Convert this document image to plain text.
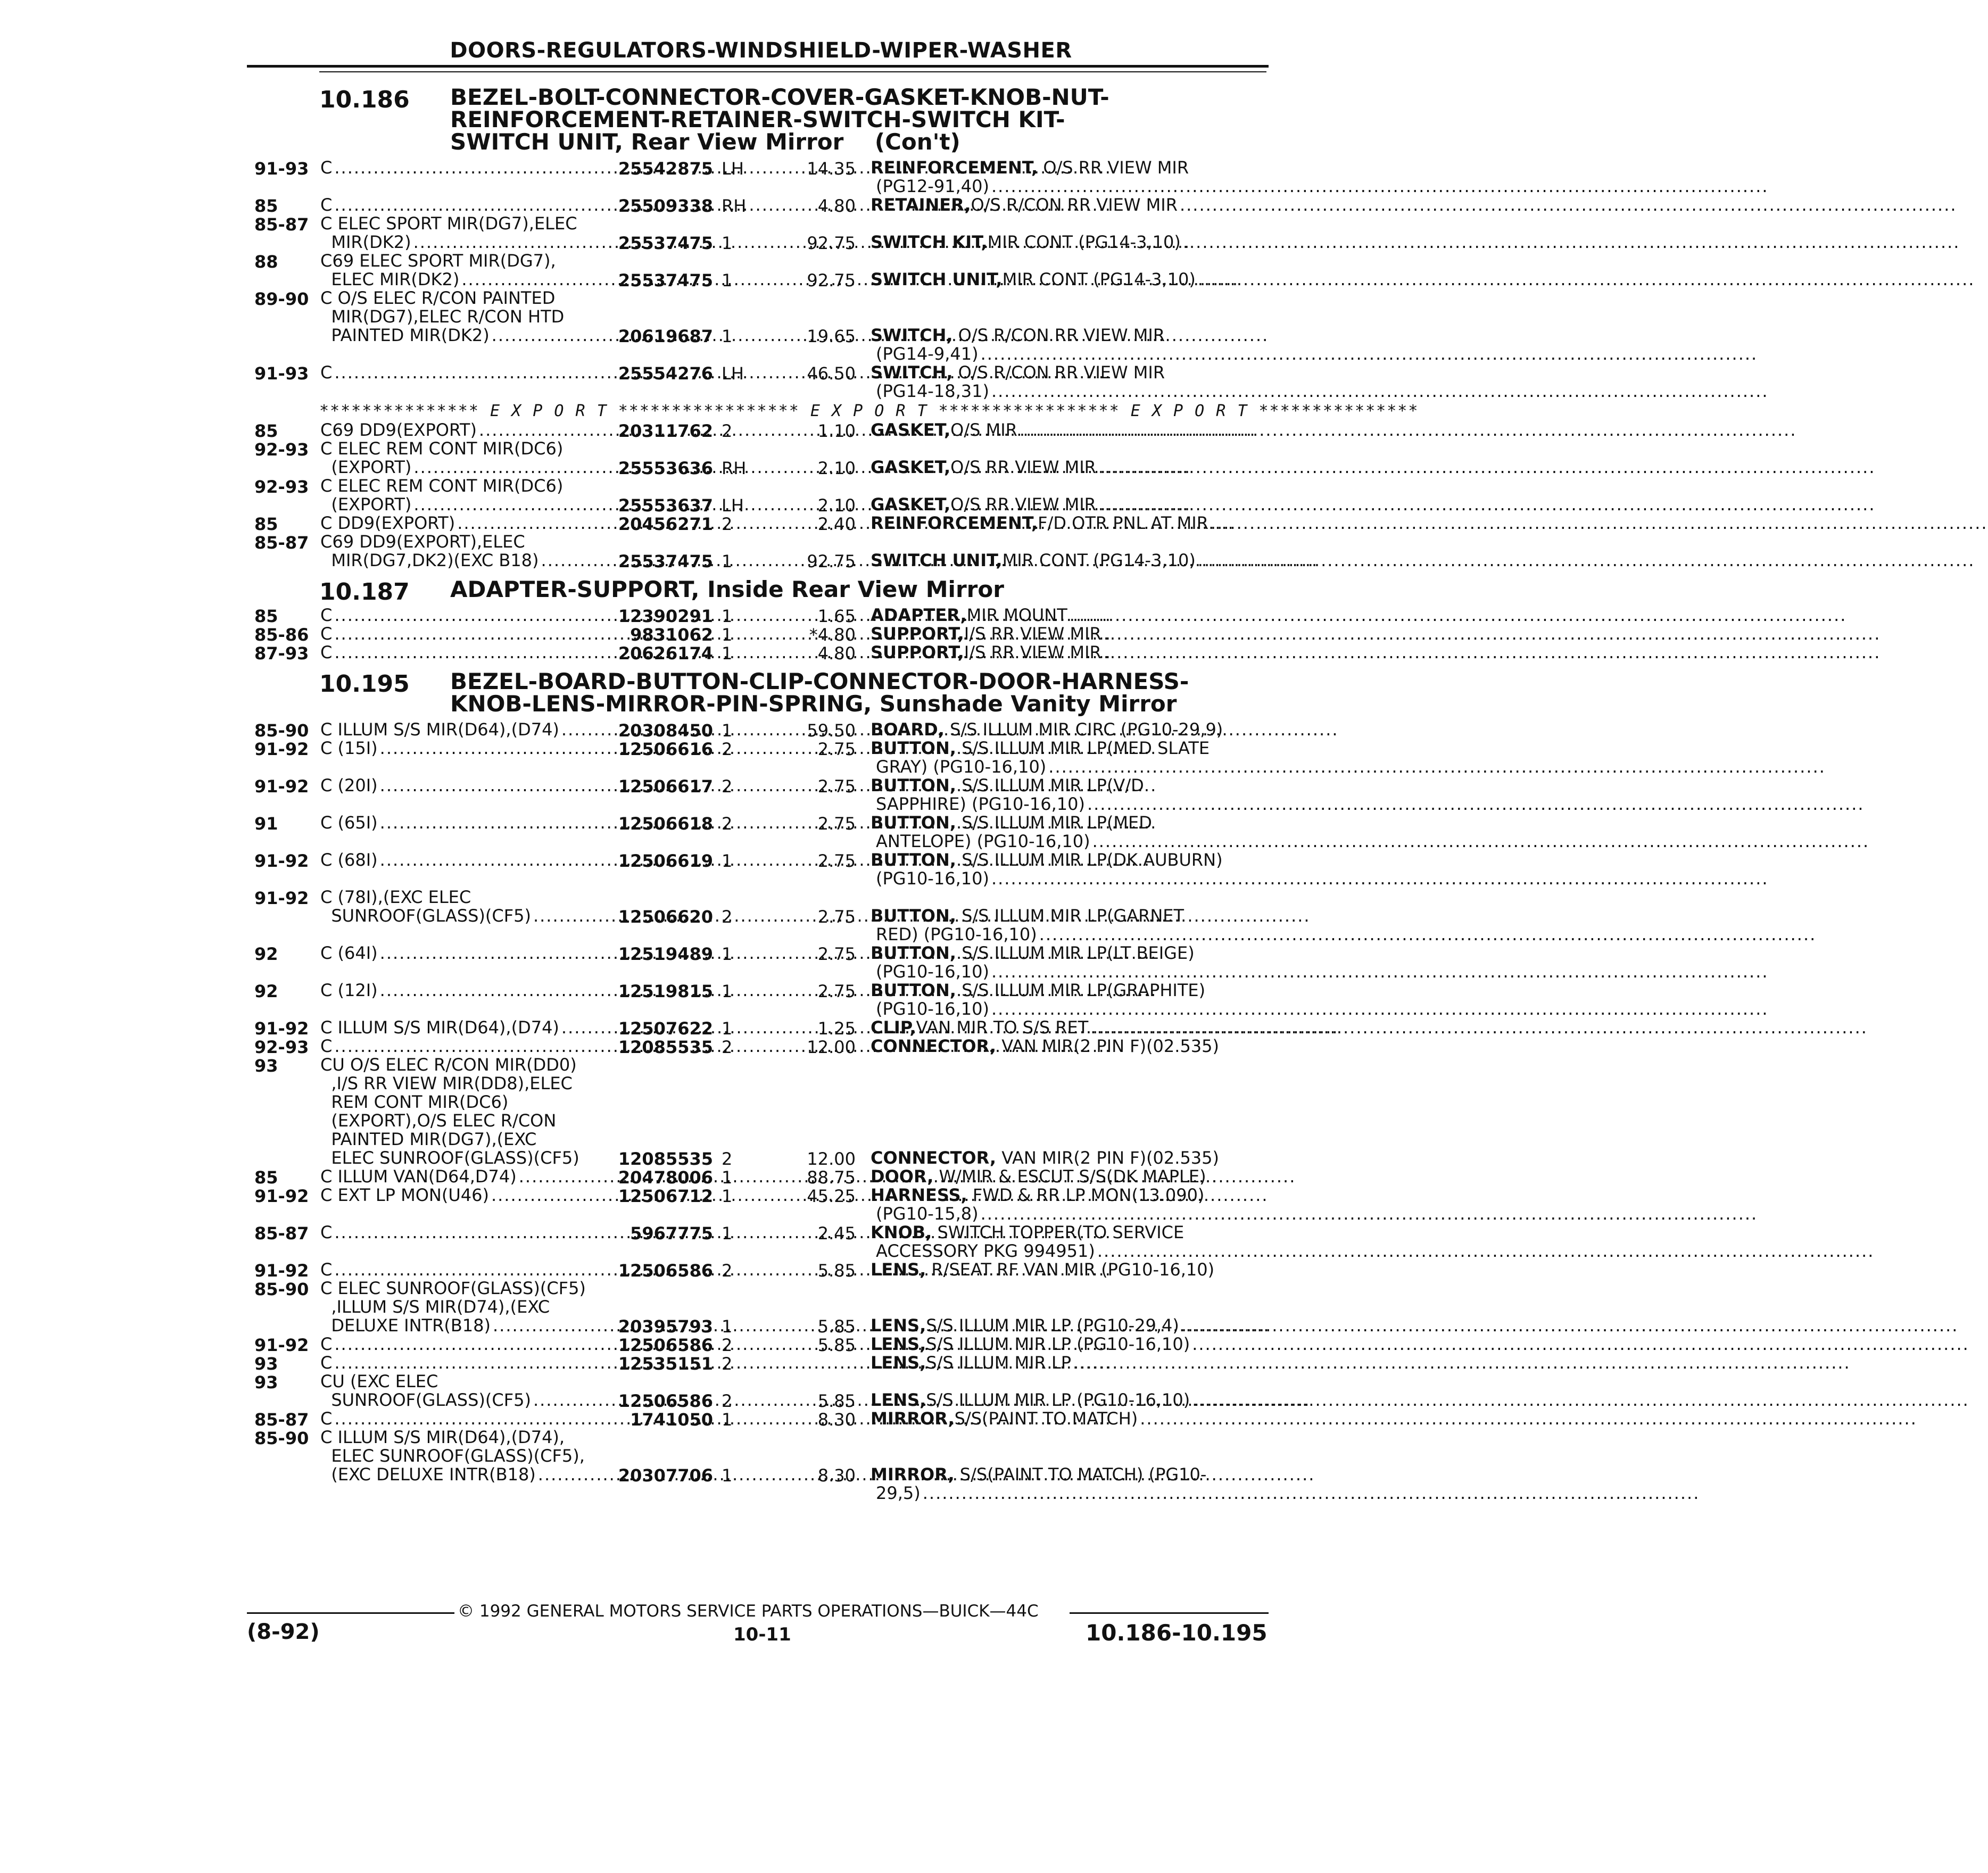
DOORS-REGULATORS-WINDSHIELD-WIPER-WASHER
10.186 BEZEL-BOLT-CONNECTOR-COVER-GASKET-KNOB-NUT-
REINFORCEMENT-RETAINER-SWITCH-SWITCH KIT-
SWITCH UNIT, Rear View Mirror    (Con't)
91-93 C .....	25542875 LH	14.35 REINFORCEMENT, O/S RR VIEW MIR
(PG12-91,40)
.....
85 C .....	25509338 RH	4.80 RETAINER, O/S R/CON RR VIEW MIR
.....
85-87 C ELEC SPORT MIR(DG7),ELEC
MIR(DK2) .....	25537475 1	92.75 SWITCH KIT, MIR CONT (PG14-3,10)
.....
88 C69 ELEC SPORT MIR(DG7),
ELEC MIR(DK2) .....	25537475 1	92.75 SWITCH UNIT, MIR CONT (PG14-3,10)
.....
89-90 C O/S ELEC R/CON PAINTED
MIR(DG7),ELEC R/CON HTD
PAINTED MIR(DK2) .....	20619687 1	19.65 SWITCH, O/S R/CON RR VIEW MIR
(PG14-9,41)
.....
91-93 C .....	25554276 LH	46.50 SWITCH, O/S R/CON RR VIEW MIR
(PG14-18,31)
.....
*************** E X P O R T ***************** E X P O R T ***************** E X P O R T ***************
85 C69 DD9(EXPORT) .....	20311762 2	1.10 GASKET, O/S MIR
.....
92-93 C ELEC REM CONT MIR(DC6)
(EXPORT) .....	25553636 RH	2.10 GASKET, O/S RR VIEW MIR
.....
92-93 C ELEC REM CONT MIR(DC6)
(EXPORT) .....	25553637 LH	2.10 GASKET, O/S RR VIEW MIR
.....
85 C DD9(EXPORT) .....	20456271 2	2.40 REINFORCEMENT, F/D OTR PNL AT MIR
.....
85-87 C69 DD9(EXPORT),ELEC
MIR(DG7,DK2)(EXC B18) .....	25537475 1	92.75 SWITCH UNIT, MIR CONT (PG14-3,10)
.....
10.187 ADAPTER-SUPPORT, Inside Rear View Mirror
85 C .....	12390291 1	1.65 ADAPTER, MIR MOUNT
.....
85-86 C .....	9831062 1	*4.80 SUPPORT, I/S RR VIEW MIR
.....
87-93 C .....	20626174 1	4.80 SUPPORT, I/S RR VIEW MIR
.....
10.195 BEZEL-BOARD-BUTTON-CLIP-CONNECTOR-DOOR-HARNESS-
KNOB-LENS-MIRROR-PIN-SPRING, Sunshade Vanity Mirror
85-90 C ILLUM S/S MIR(D64),(D74) .....	20308450 1	59.50 BOARD, S/S ILLUM MIR CIRC (PG10-29,9)
91-92 C (15I) .....	12506616 2	2.75 BUTTON, S/S ILLUM MIR LP(MED SLATE
GRAY) (PG10-16,10)
.....
91-92 C (20I) .....	12506617 2	2.75 BUTTON, S/S ILLUM MIR LP(V/D
SAPPHIRE) (PG10-16,10)
.....
91 C (65I) .....	12506618 2	2.75 BUTTON, S/S ILLUM MIR LP(MED
ANTELOPE) (PG10-16,10)
.....
91-92 C (68I) .....	12506619 1	2.75 BUTTON, S/S ILLUM MIR LP(DK AUBURN)
(PG10-16,10)
.....
91-92 C (78I),(EXC ELEC
SUNROOF(GLASS)(CF5) .....	12506620 2	2.75 BUTTON, S/S ILLUM MIR LP(GARNET
RED) (PG10-16,10)
.....
92 C (64I) .....	12519489 1	2.75 BUTTON, S/S ILLUM MIR LP(LT BEIGE)
(PG10-16,10)
.....
92 C (12I) .....	12519815 1	2.75 BUTTON, S/S ILLUM MIR LP(GRAPHITE)
(PG10-16,10)
.....
91-92 C ILLUM S/S MIR(D64),(D74) .....	12507622 1	1.25 CLIP, VAN MIR TO S/S RET
.....
92-93 C .....	12085535 2	12.00 CONNECTOR, VAN MIR(2 PIN F)(02.535)
93 CU O/S ELEC R/CON MIR(DD0)
,I/S RR VIEW MIR(DD8),ELEC
REM CONT MIR(DC6)
(EXPORT),O/S ELEC R/CON
PAINTED MIR(DG7),(EXC
ELEC SUNROOF(GLASS)(CF5)	12085535 2	12.00 CONNECTOR, VAN MIR(2 PIN F)(02.535)
85 C ILLUM VAN(D64,D74) .....	20478006 1	88.75 DOOR, W/MIR & ESCUT S/S(DK MAPLE) .
91-92 C EXT LP MON(U46) .....	12506712 1	45.25 HARNESS, FWD & RR LP MON(13.090)
(PG10-15,8)
.....
85-87 C .....	5967775 1	2.45 KNOB, SWITCH TOPPER(TO SERVICE
ACCESSORY PKG 994951)
.....
91-92 C .....	12506586 2	5.85 LENS, R/SEAT RF VAN MIR (PG10-16,10)
85-90 C ELEC SUNROOF(GLASS)(CF5)
,ILLUM S/S MIR(D74),(EXC
DELUXE INTR(B18) .....	20395793 1	5.85 LENS, S/S ILLUM MIR LP (PG10-29,4)
.....
91-92 C .....	12506586 2	5.85 LENS, S/S ILLUM MIR LP (PG10-16,10)
.....
93 C .....	12535151 2	LENS, S/S ILLUM MIR LP
.....
93 CU (EXC ELEC
SUNROOF(GLASS)(CF5) .....	12506586 2	5.85 LENS, S/S ILLUM MIR LP (PG10-16,10)
.....
85-87 C .....	1741050 1	8.30 MIRROR, S/S(PAINT TO MATCH)
.....
85-90 C ILLUM S/S MIR(D64),(D74),
ELEC SUNROOF(GLASS)(CF5),
(EXC DELUXE INTR(B18) .....	20307706 1	8.30 MIRROR, S/S(PAINT TO MATCH) (PG10-
29,5)
.....
© 1992 GENERAL MOTORS SERVICE PARTS OPERATIONS—BUICK—44C
(8-92)	10-11	10.186-10.195
